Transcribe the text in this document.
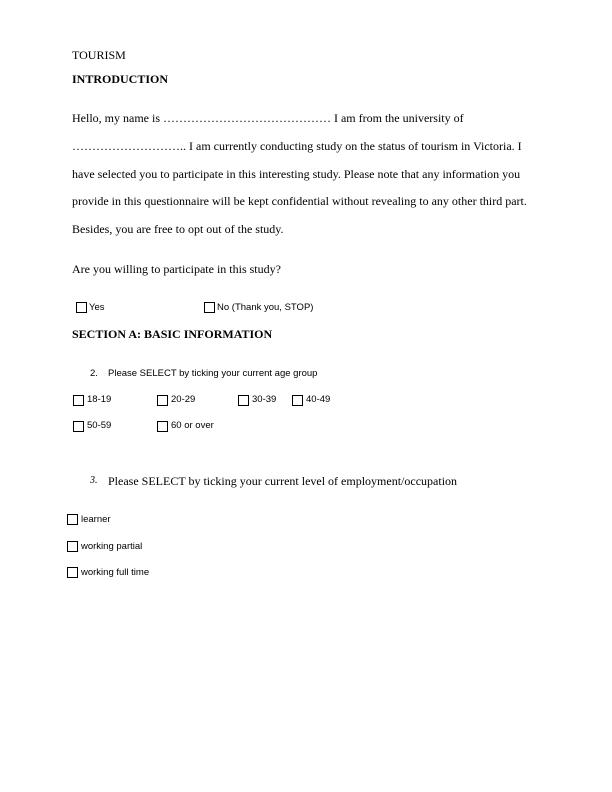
TOURISM
INTRODUCTION
Hello, my name is …………………………………… I am from the university of
……………………….. I am currently conducting study on the status of tourism in Victoria. I
have selected you to participate in this interesting study. Please note that any information you
provide in this questionnaire will be kept confidential without revealing to any other third part.
Besides, you are free to opt out of the study.
Are you willing to participate in this study?
Yes	No (Thank you, STOP)
SECTION A: BASIC INFORMATION
2. Please SELECT by ticking your current age group
18-19	20-29	30-39	40-49
50-59	60 or over
3. Please SELECT by ticking your current level of employment/occupation
learner
working partial
working full time
